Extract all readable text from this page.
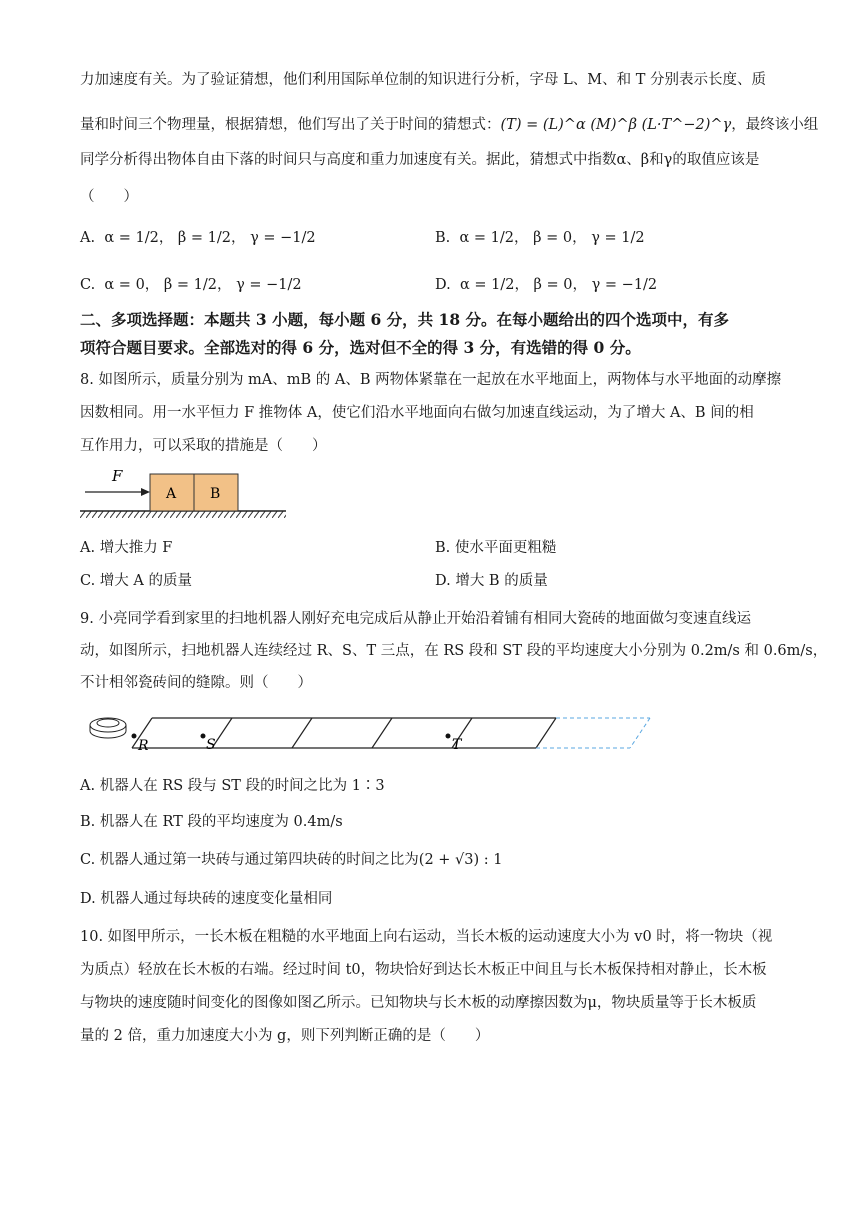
力加速度有关。为了验证猜想，他们利用国际单位制的知识进行分析，字母 L、M、和 T 分别表示长度、质
量和时间三个物理量，根据猜想，他们写出了关于时间的猜想式：(T) = (L)^α (M)^β (L·T^−2)^γ，最终该小组
同学分析得出物体自由下落的时间只与高度和重力加速度有关。据此，猜想式中指数α、β和γ的取值应该是
（　　）
A. α = 1/2， β = 1/2， γ = −1/2	B. α = 1/2， β = 0， γ = 1/2
C. α = 0， β = 1/2， γ = −1/2	D. α = 1/2， β = 0， γ = −1/2
二、多项选择题：本题共 3 小题，每小题 6 分，共 18 分。在每小题给出的四个选项中，有多
项符合题目要求。全部选对的得 6 分，选对但不全的得 3 分，有选错的得 0 分。
8. 如图所示，质量分别为 mA、mB 的 A、B 两物体紧靠在一起放在水平地面上，两物体与水平地面的动摩擦
因数相同。用一水平恒力 F 推物体 A，使它们沿水平地面向右做匀加速直线运动，为了增大 A、B 间的相
互作用力，可以采取的措施是（　　）
F
A B
A. 增大推力 F	B. 使水平面更粗糙
C. 增大 A 的质量	D. 增大 B 的质量
9. 小亮同学看到家里的扫地机器人刚好充电完成后从静止开始沿着铺有相同大瓷砖的地面做匀变速直线运
动，如图所示，扫地机器人连续经过 R、S、T 三点，在 RS 段和 ST 段的平均速度大小分别为 0.2m/s 和 0.6m/s，
不计相邻瓷砖间的缝隙。则（　　）
R	S	T
A. 机器人在 RS 段与 ST 段的时间之比为 1∶3
B. 机器人在 RT 段的平均速度为 0.4m/s
C. 机器人通过第一块砖与通过第四块砖的时间之比为(2 + √3) : 1
D. 机器人通过每块砖的速度变化量相同
10. 如图甲所示，一长木板在粗糙的水平地面上向右运动，当长木板的运动速度大小为 v0 时，将一物块（视
为质点）轻放在长木板的右端。经过时间 t0，物块恰好到达长木板正中间且与长木板保持相对静止，长木板
与物块的速度随时间变化的图像如图乙所示。已知物块与长木板的动摩擦因数为μ，物块质量等于长木板质
量的 2 倍，重力加速度大小为 g，则下列判断正确的是（　　）
